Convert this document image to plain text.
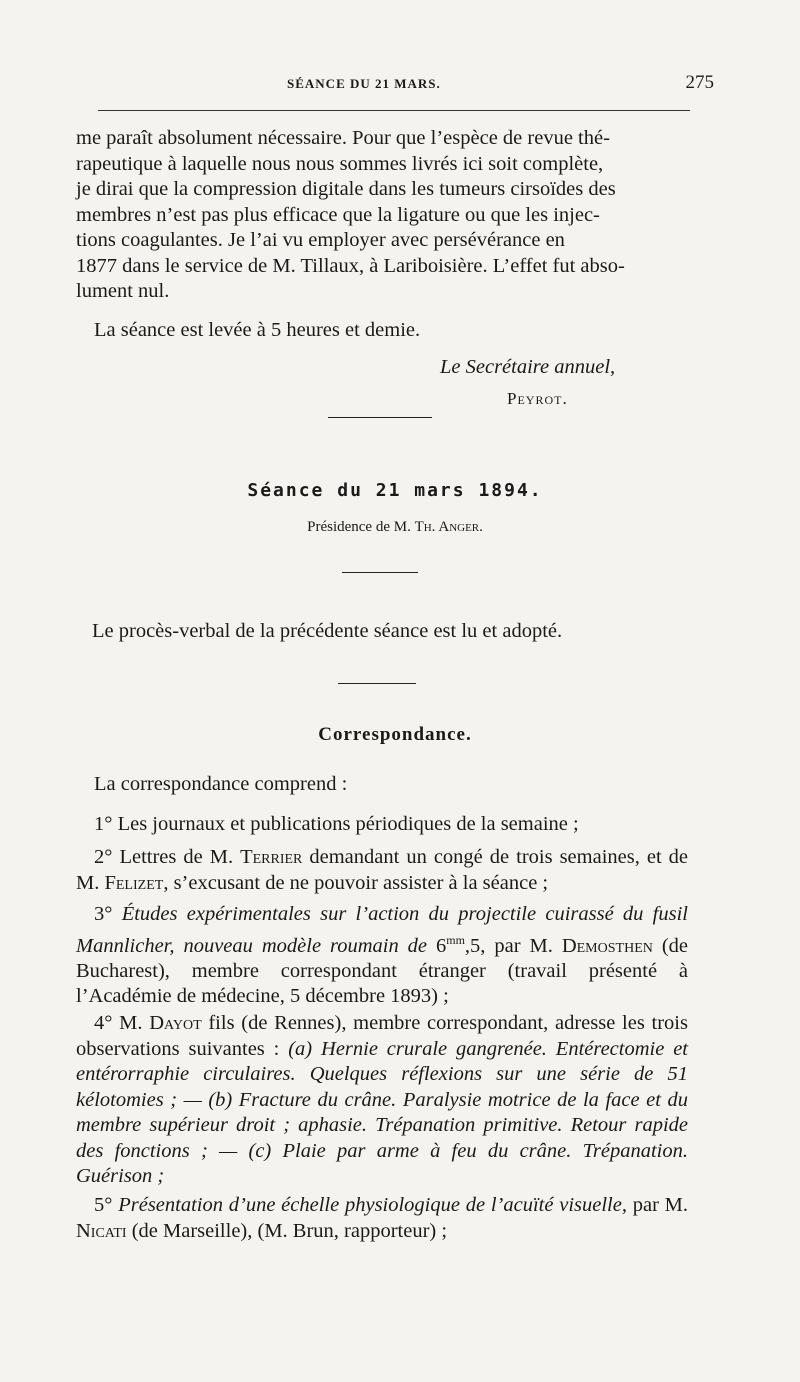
SÉANCE DU 21 MARS.	275
me paraît absolument nécessaire. Pour que l’espèce de revue thé-
rapeutique à laquelle nous nous sommes livrés ici soit complète,
je dirai que la compression digitale dans les tumeurs cirsoïdes des
membres n’est pas plus efficace que la ligature ou que les injec-
tions coagulantes. Je l’ai vu employer avec persévérance en
1877 dans le service de M. Tillaux, à Lariboisière. L’effet fut abso-
lument nul.
La séance est levée à 5 heures et demie.
Le Secrétaire annuel,
Peyrot.
Séance du 21 mars 1894.
Présidence de M. Th. Anger.
Le procès-verbal de la précédente séance est lu et adopté.
Correspondance.
La correspondance comprend :
1° Les journaux et publications périodiques de la semaine ;
2° Lettres de M. Terrier demandant un congé de trois semaines, et de M. Felizet, s’excusant de ne pouvoir assister à la séance ;
3° Études expérimentales sur l’action du projectile cuirassé du fusil Mannlicher, nouveau modèle roumain de $6^{mm},5$, par M. Demosthen (de Bucharest), membre correspondant étranger (travail présenté à l’Académie de médecine, 5 décembre 1893) ;
4° M. Dayot fils (de Rennes), membre correspondant, adresse les trois observations suivantes : (a) Hernie crurale gangrenée. Entérectomie et entérorraphie circulaires. Quelques réflexions sur une série de 51 kélotomies ; — (b) Fracture du crâne. Paralysie motrice de la face et du membre supérieur droit ; aphasie. Trépanation primitive. Retour rapide des fonctions ; — (c) Plaie par arme à feu du crâne. Trépanation. Guérison ;
5° Présentation d’une échelle physiologique de l’acuïté visuelle, par M. Nicati (de Marseille), (M. Brun, rapporteur) ;
